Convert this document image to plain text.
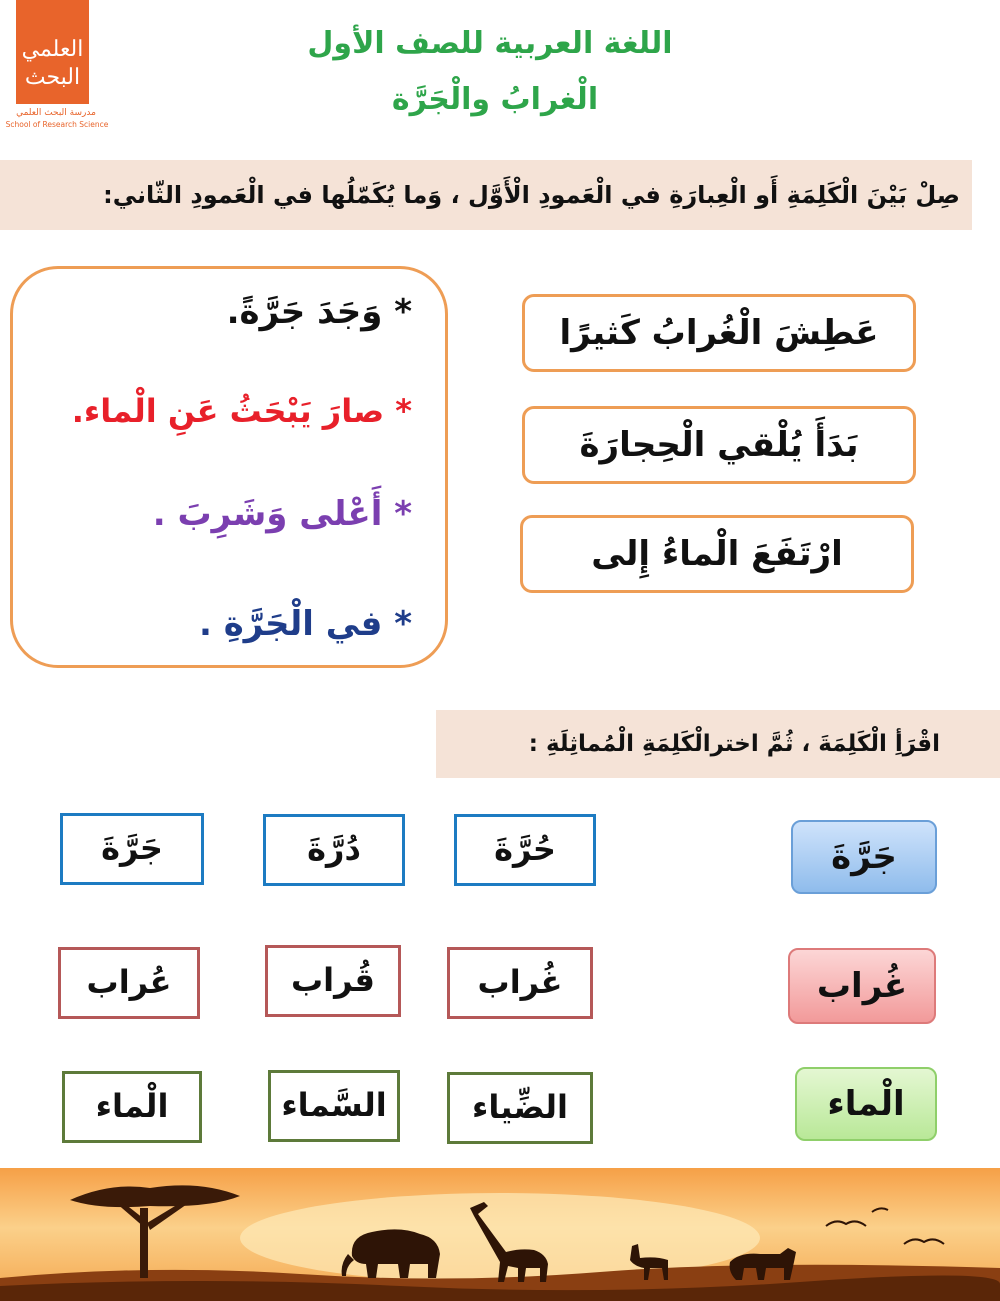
العلمي البحث
مدرسة البحث العلمي
School of Research Science
اللغة العربية للصف الأول
الْغرابُ والْجَرَّة
صِلْ بَيْنَ الْكَلِمَةِ أَو الْعِبارَةِ في الْعَمودِ الْأَوَّل ، وَما يُكَمّلُها في الْعَمودِ الثّاني:
عَطِشَ الْغُرابُ كَثيرًا
بَدَأَ يُلْقي الْحِجارَةَ
ارْتَفَعَ الْماءُ إِلى
* وَجَدَ جَرَّةً.
* صارَ يَبْحَثُ عَنِ الْماء.
* أَعْلى وَشَرِبَ .
* في الْجَرَّةِ .
اقْرَأِ الْكَلِمَةَ ، ثُمَّ اخترالْكَلِمَةِ الْمُماثِلَةِ :
جَرَّةَ
حُرَّةَ
دُرَّةَ
جَرَّةَ
غُراب
غُراب
قُراب
عُراب
الْماء
الضِّياء
السَّماء
الْماء
